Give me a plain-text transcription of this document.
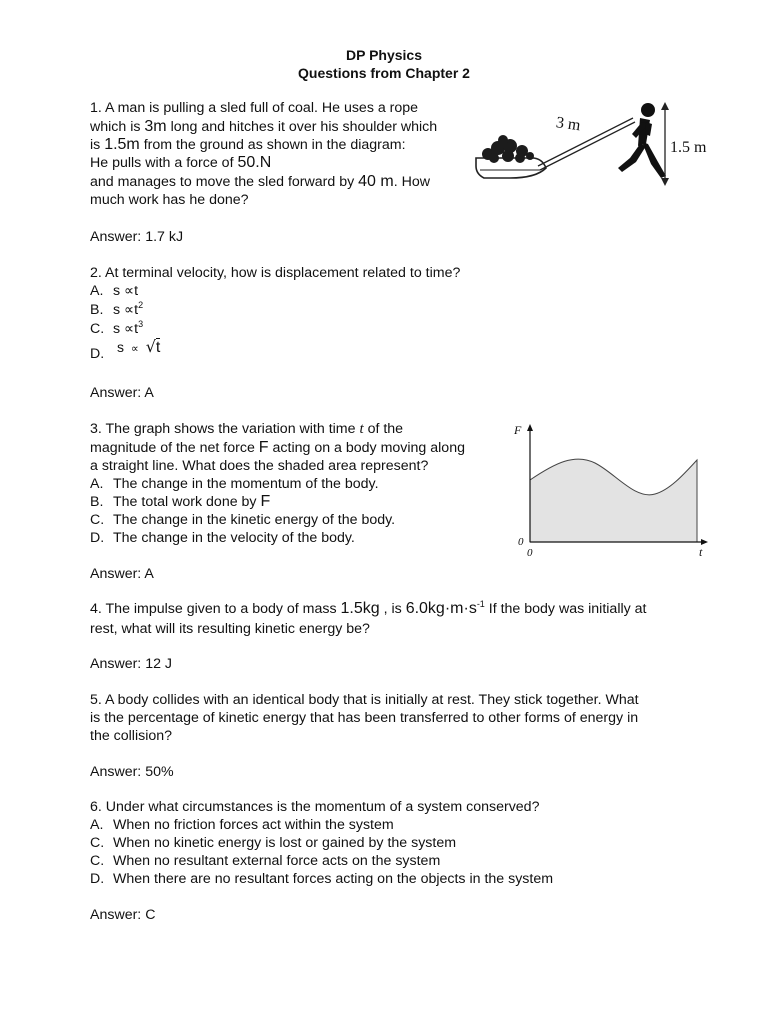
DP Physics
Questions from Chapter 2
1. A man is pulling a sled full of coal. He uses a rope
which is 3m long and hitches it over his shoulder which
is 1.5m from the ground as shown in the diagram:
He pulls with a force of 50.N
and manages to move the sled forward by 40 m. How
much work has he done?
3 m
1.5 m
Answer: 1.7 kJ
2. At terminal velocity, how is displacement related to time?
A. s ∝t
B. $s \propto t^2$
C. $s \propto t^3$
D. s ∝ √t
Answer: A
3. The graph shows the variation with time t of the
magnitude of the net force F acting on a body moving along
a straight line. What does the shaded area represent?
A. The change in the momentum of the body.
B. The total work done by F
C. The change in the kinetic energy of the body.
D. The change in the velocity of the body.
F
0
0	t
Answer: A
4. The impulse given to a body of mass 1.5kg , is $6.0kg\cdot m\cdot s^{-1}$ If the body was initially at
rest, what will its resulting kinetic energy be?
Answer: 12 J
5. A body collides with an identical body that is initially at rest. They stick together. What
is the percentage of kinetic energy that has been transferred to other forms of energy in
the collision?
Answer: 50%
6. Under what circumstances is the momentum of a system conserved?
A. When no friction forces act within the system
C. When no kinetic energy is lost or gained by the system
C. When no resultant external force acts on the system
D. When there are no resultant forces acting on the objects in the system
Answer: C
